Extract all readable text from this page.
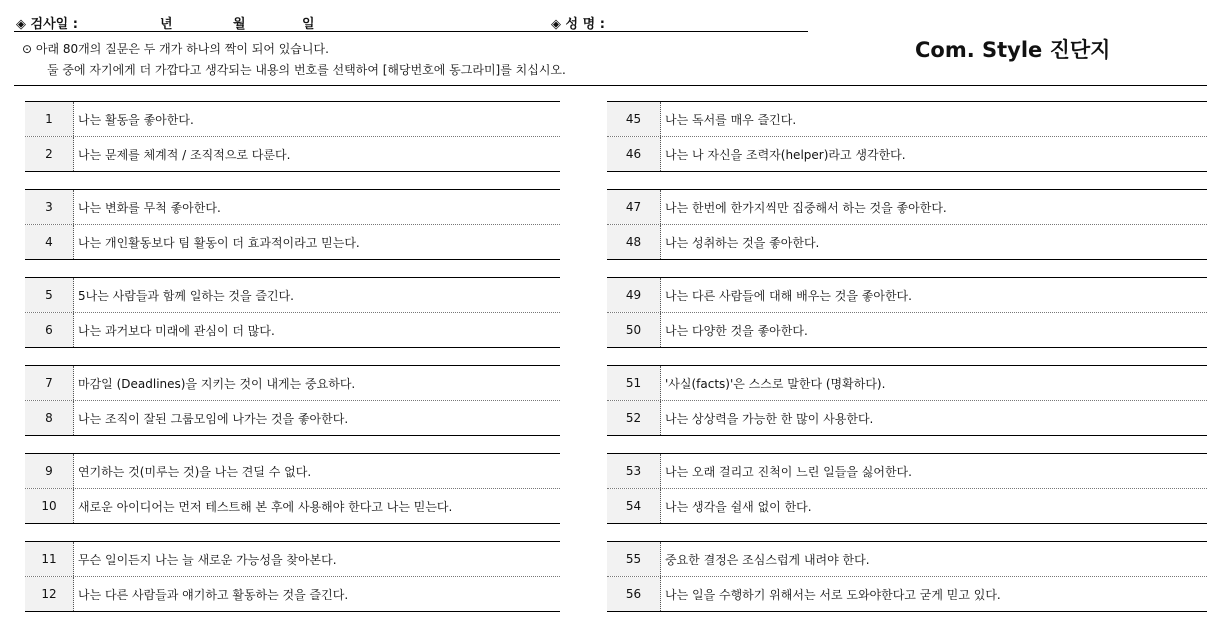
◈ 검사일 :	년	월	일	◈ 성 명 :
⊙ 아래 80개의 질문은 두 개가 하나의 짝이 되어 있습니다.
둘 중에 자기에게 더 가깝다고 생각되는 내용의 번호를 선택하여 [해당번호에 동그라미]를 치십시오.
Com. Style 진단지
1	나는 활동을 좋아한다.
2	나는 문제를 체계적 / 조직적으로 다룬다.
3	나는 변화를 무척 좋아한다.
4	나는 개인활동보다 팀 활동이 더 효과적이라고 믿는다.
5	5나는 사람들과 함께 일하는 것을 즐긴다.
6	나는 과거보다 미래에 관심이 더 많다.
7	마감일 (Deadlines)을 지키는 것이 내게는 중요하다.
8	나는 조직이 잘된 그룹모임에 나가는 것을 좋아한다.
9	연기하는 것(미루는 것)을 나는 견딜 수 없다.
10	새로운 아이디어는 먼저 테스트해 본 후에 사용해야 한다고 나는 믿는다.
11	무슨 일이든지 나는 늘 새로운 가능성을 찾아본다.
12	나는 다른 사람들과 얘기하고 활동하는 것을 즐긴다.
45	나는 독서를 매우 즐긴다.
46	나는 나 자신을 조력자(helper)라고 생각한다.
47	나는 한번에 한가지씩만 집중해서 하는 것을 좋아한다.
48	나는 성취하는 것을 좋아한다.
49	나는 다른 사람들에 대해 배우는 것을 좋아한다.
50	나는 다양한 것을 좋아한다.
51	'사실(facts)'은 스스로 말한다 (명확하다).
52	나는 상상력을 가능한 한 많이 사용한다.
53	나는 오래 걸리고 진척이 느린 일들을 싫어한다.
54	나는 생각을 쉴새 없이 한다.
55	중요한 결정은 조심스럽게 내려야 한다.
56	나는 일을 수행하기 위해서는 서로 도와야한다고 굳게 믿고 있다.
